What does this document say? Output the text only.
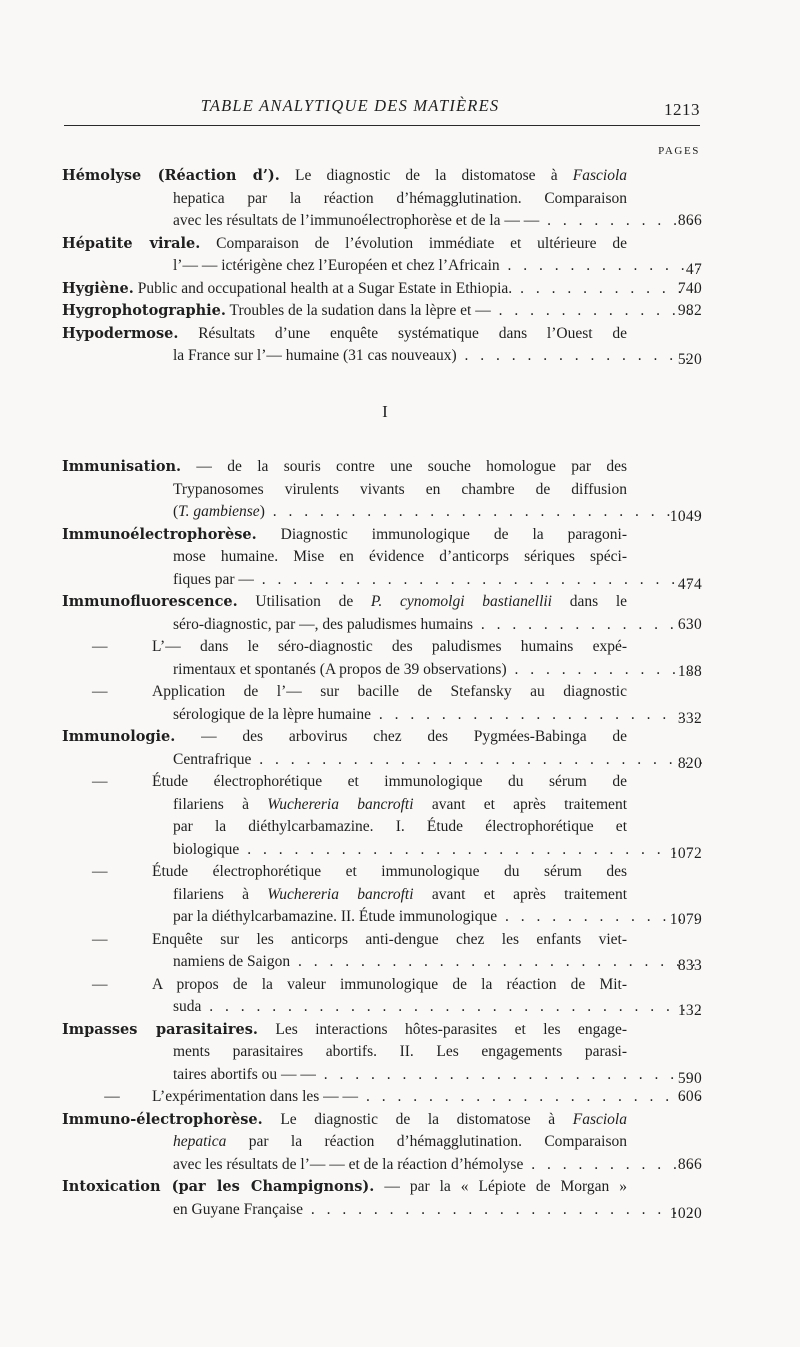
TABLE ANALYTIQUE DES MATIÈRES	1213
PAGES
Hémolyse (Réaction d’). Le diagnostic de la distomatose à Fasciola
hepatica par la réaction d’hémagglutination. Comparaison
avec les résultats de l’immunoélectrophorèse et de la — —	866
. . .
Hépatite virale. Comparaison de l’évolution immédiate et ultérieure de
l’— — ictérigène chez l’Européen et chez l’Africain	47
. . .
Hygiène. Public and occupational health at a Sugar Estate in Ethiopia.	740
. . .
Hygrophotographie. Troubles de la sudation dans la lèpre et —	982
. . .
Hypodermose. Résultats d’une enquête systématique dans l’Ouest de
la France sur l’— humaine (31 cas nouveaux)	520
. . .
I
Immunisation. — de la souris contre une souche homologue par des
Trypanosomes virulents vivants en chambre de diffusion
(T. gambiense)	1049
. . .
Immunoélectrophorèse. Diagnostic immunologique de la paragoni-
mose humaine. Mise en évidence d’anticorps sériques spéci-
fiques par —	474
. . .
Immunofluorescence. Utilisation de P. cynomolgi bastianellii dans le
séro-diagnostic, par —, des paludismes humains	630
. . .
—	L’— dans le séro-diagnostic des paludismes humains expé-
rimentaux et spontanés (A propos de 39 observations)	188
. . .
—	Application de l’— sur bacille de Stefansky au diagnostic
sérologique de la lèpre humaine	332
. . .
Immunologie. — des arbovirus chez des Pygmées-Babinga de
Centrafrique	820
. . .
—	Étude électrophorétique et immunologique du sérum de
filariens à Wuchereria bancrofti avant et après traitement
par la diéthylcarbamazine. I. Étude électrophorétique et
biologique	1072
. . .
—	Étude électrophorétique et immunologique du sérum des
filariens à Wuchereria bancrofti avant et après traitement
par la diéthylcarbamazine. II. Étude immunologique	1079
. . .
—	Enquête sur les anticorps anti-dengue chez les enfants viet-
namiens de Saigon	833
. . .
—	A propos de la valeur immunologique de la réaction de Mit-
suda	132
. . .
Impasses parasitaires. Les interactions hôtes-parasites et les engage-
ments parasitaires abortifs. II. Les engagements parasi-
taires abortifs ou — —	590
. . .
—	L’expérimentation dans les — —	606
. . .
Immuno-électrophorèse. Le diagnostic de la distomatose à Fasciola
hepatica par la réaction d’hémagglutination. Comparaison
avec les résultats de l’— — et de la réaction d’hémolyse	866
. . .
Intoxication (par les Champignons). — par la « Lépiote de Morgan »
en Guyane Française	1020
. . .
